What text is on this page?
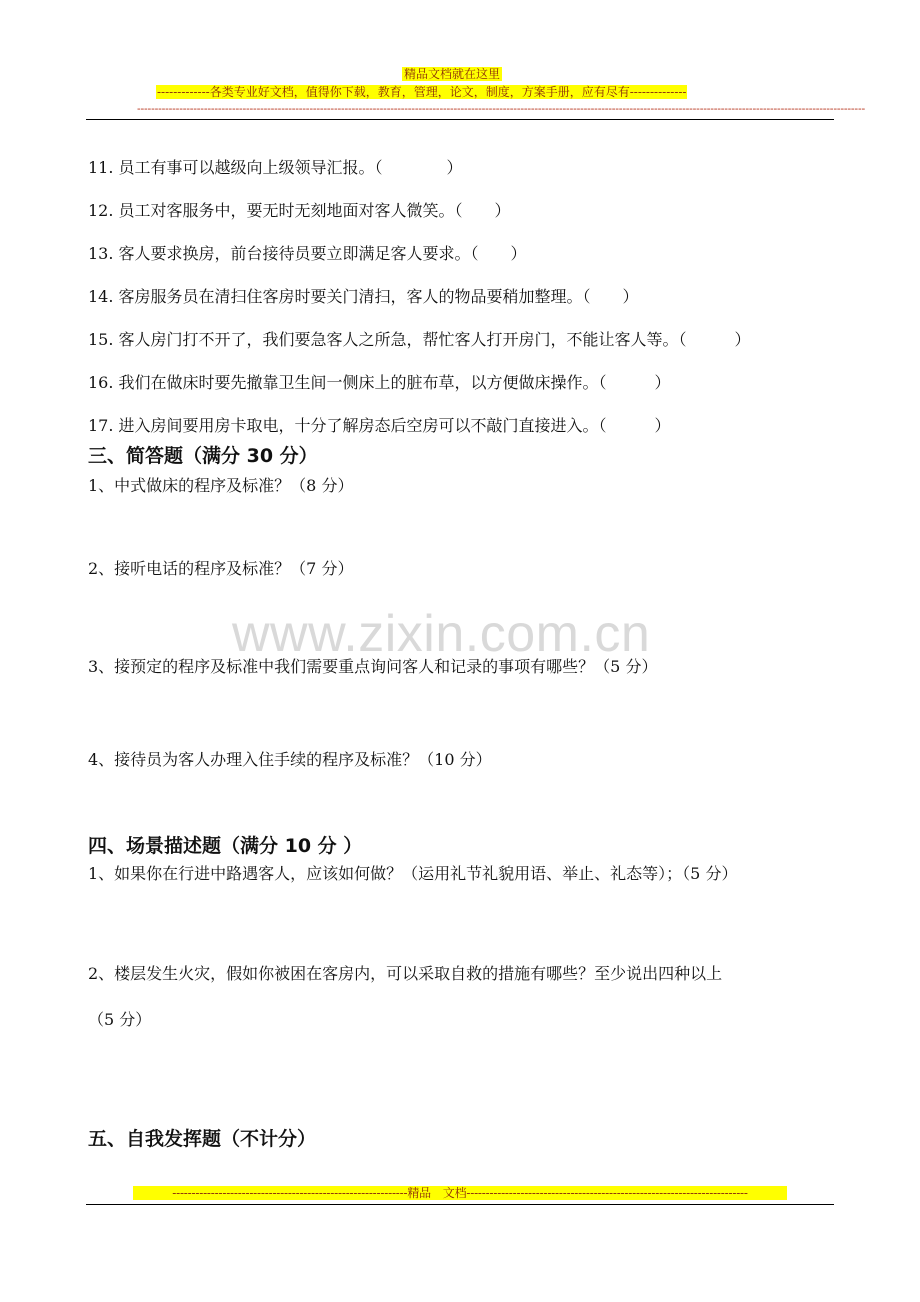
精品文档就在这里
-------------各类专业好文档，值得你下载，教育，管理，论文，制度，方案手册，应有尽有--------------
---------------------------------------------------------------------------------------------------------------------------------------------------------------------------------------------------------------
11. 员工有事可以越级向上级领导汇报。（　　　　）
12. 员工对客服务中，要无时无刻地面对客人微笑。（　　）
13. 客人要求换房，前台接待员要立即满足客人要求。（　　）
14. 客房服务员在清扫住客房时要关门清扫，客人的物品要稍加整理。（　　）
15. 客人房门打不开了，我们要急客人之所急，帮忙客人打开房门，不能让客人等。（　　　）
16. 我们在做床时要先撤靠卫生间一侧床上的脏布草，以方便做床操作。（　　　）
17. 进入房间要用房卡取电，十分了解房态后空房可以不敲门直接进入。（　　　）
三、简答题（满分 30 分）
1、中式做床的程序及标准？（8 分）
2、接听电话的程序及标准？（7 分）
3、接预定的程序及标准中我们需要重点询问客人和记录的事项有哪些？（5 分）
4、接待员为客人办理入住手续的程序及标准？（10 分）
www.zixin.com.cn
四、场景描述题（满分 10 分 ）
1、如果你在行进中路遇客人，应该如何做？（运用礼节礼貌用语、举止、礼态等）；（5 分）
2、楼层发生火灾，假如你被困在客房内，可以采取自救的措施有哪些？至少说出四种以上
（5 分）
五、自我发挥题（不计分）
-------------------------------------------------------------精品　文档-------------------------------------------------------------------------
